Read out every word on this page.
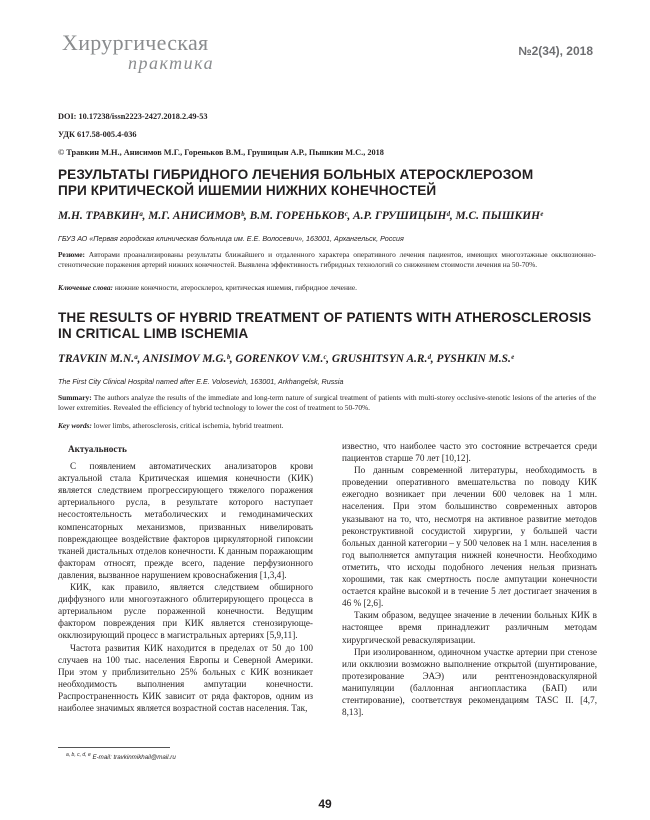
Хирургическая
практика
№2(34), 2018
DOI: 10.17238/issn2223-2427.2018.2.49-53
УДК 617.58-005.4-036
© Травкин М.Н., Анисимов М.Г., Гореньков В.М., Грушицын А.Р., Пышкин М.С., 2018
РЕЗУЛЬТАТЫ ГИБРИДНОГО ЛЕЧЕНИЯ БОЛЬНЫХ АТЕРОСКЛЕРОЗОМ
ПРИ КРИТИЧЕСКОЙ ИШЕМИИ НИЖНИХ КОНЕЧНОСТЕЙ
М.Н. ТРАВКИНᵃ, М.Г. АНИСИМОВᵇ, В.М. ГОРЕНЬКОВᶜ, А.Р. ГРУШИЦЫНᵈ, М.С. ПЫШКИНᵉ
ГБУЗ АО «Первая городская клиническая больница им. Е.Е. Волосевич», 163001, Архангельск, Россия
Резюме: Авторами проанализированы результаты ближайшего и отдаленного характера оперативного лечения пациентов, имеющих многоэтажные окклюзионно-стенотические поражения артерий нижних конечностей. Выявлена эффективность гибридных технологий со снижением стоимости лечения на 50-70%.
Ключевые слова: нижние конечности, атеросклероз, критическая ишемия, гибридное лечение.
THE RESULTS OF HYBRID TREATMENT OF PATIENTS WITH ATHEROSCLEROSIS
IN CRITICAL LIMB ISCHEMIA
TRAVKIN M.N.ᵃ, ANISIMOV M.G.ᵇ, GORENKOV V.M.ᶜ, GRUSHITSYN A.R.ᵈ, PYSHKIN M.S.ᵉ
The First City Clinical Hospital named after E.E. Volosevich, 163001, Arkhangelsk, Russia
Summary: The authors analyze the results of the immediate and long-term nature of surgical treatment of patients with multi-storey occlusive-stenotic lesions of the arteries of the lower extremities. Revealed the efficiency of hybrid technology to lower the cost of treatment to 50-70%.
Key words: lower limbs, atherosclerosis, critical ischemia, hybrid treatment.

Актуальность

С появлением автоматических анализаторов крови актуальной стала Критическая ишемия конечности (КИК) является следствием прогрессирующего тяжелого поражения артериального русла, в результате которого наступает несостоятельность метаболических и гемодинамических компенсаторных механизмов, призванных нивелировать повреждающее воздействие факторов циркуляторной гипоксии тканей дистальных отделов конечности. К данным поражающим факторам относят, прежде всего, падение перфузионного давления, вызванное нарушением кровоснабжения [1,3,4].

КИК, как правило, является следствием обширного диффузного или многоэтажного облитерирующего процесса в артериальном русле пораженной конечности. Ведущим фактором повреждения при КИК является стенозирующе-окклюзирующий процесс в магистральных артериях [5,9,11].

Частота развития КИК находится в пределах от 50 до 100 случаев на 100 тыс. населения Европы и Северной Америки. При этом у приблизительно 25% больных с КИК возникает необходимость выполнения ампутации конечности. Распространенность КИК зависит от ряда факторов, одним из наиболее значимых является возрастной состав населения. Так,

известно, что наиболее часто это состояние встречается среди пациентов старше 70 лет [10,12].

По данным современной литературы, необходимость в проведении оперативного вмешательства по поводу КИК ежегодно возникает при лечении 600 человек на 1 млн. населения. При этом большинство современных авторов указывают на то, что, несмотря на активное развитие методов реконструктивной сосудистой хирургии, у большей части больных данной категории – у 500 человек на 1 млн. населения в год выполняется ампутация нижней конечности. Необходимо отметить, что исходы подобного лечения нельзя признать хорошими, так как смертность после ампутации конечности остается крайне высокой и в течение 5 лет достигает значения в 46 % [2,6].

Таким образом, ведущее значение в лечении больных КИК в настоящее время принадлежит различным методам хирургической реваскуляризации.

При изолированном, одиночном участке артерии при стенозе или окклюзии возможно выполнение открытой (шунтирование, протезирование ЭАЭ) или рентгеноэндоваскулярной манипуляции (баллонная ангиопластика (БАП) или стентирование), соответствуя рекомендациям TASC II. [4,7, 8,13].

$^{a, b, c, d, e}$ E-mail: travkinmikhail@mail.ru
49
